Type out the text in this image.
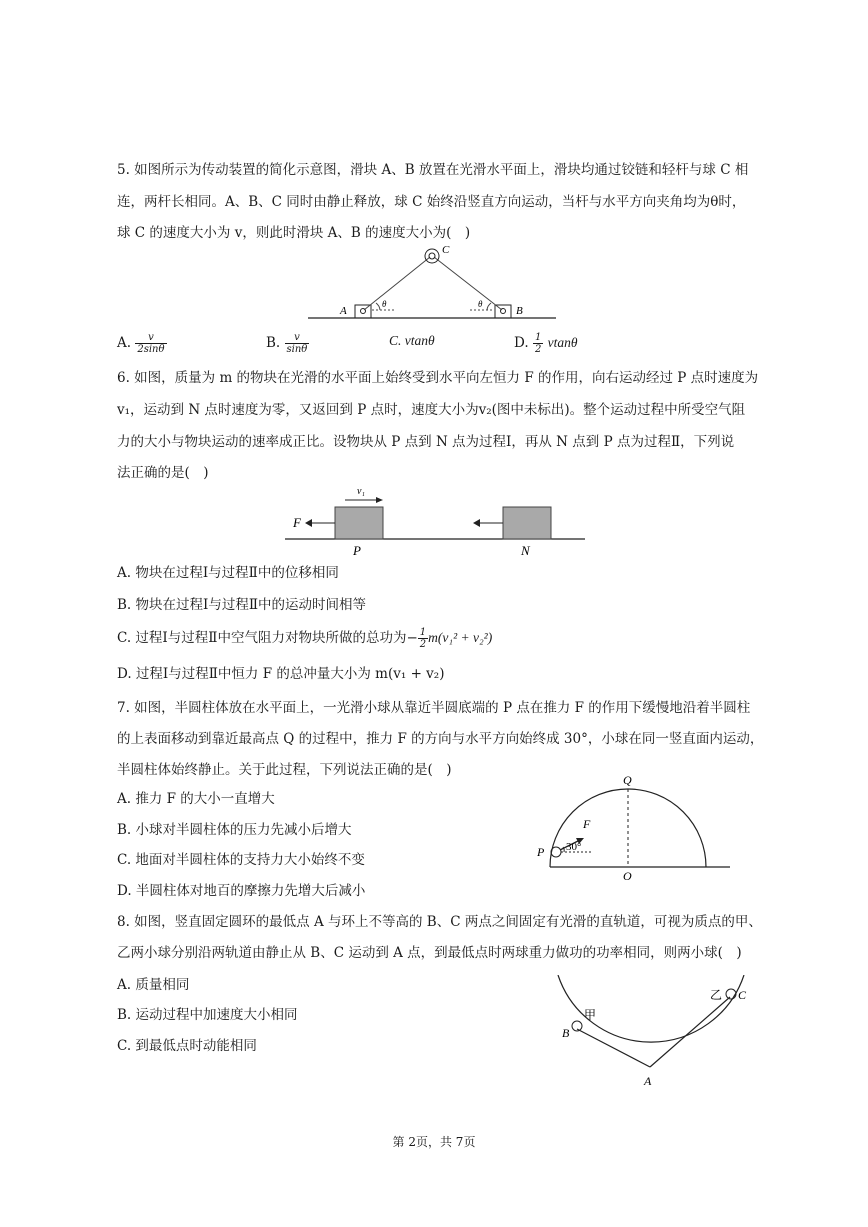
5. 如图所示为传动装置的简化示意图，滑块 A、B 放置在光滑水平面上，滑块均通过铰链和轻杆与球 C 相
连，两杆长相同。A、B、C 同时由静止释放，球 C 始终沿竖直方向运动，当杆与水平方向夹角均为θ时，
球 C 的速度大小为 v，则此时滑块 A、B 的速度大小为(　)
A	B
C
θ	θ
A. $\frac{v}{2\sin\theta}$	B. $\frac{v}{\sin\theta}$	C. vtanθ	D. $\frac{1}{2}$ vtanθ
6. 如图，质量为 m 的物块在光滑的水平面上始终受到水平向左恒力 F 的作用，向右运动经过 P 点时速度为
v₁，运动到 N 点时速度为零，又返回到 P 点时，速度大小为v₂(图中未标出)。整个运动过程中所受空气阻
力的大小与物块运动的速率成正比。设物块从 P 点到 N 点为过程Ⅰ，再从 N 点到 P 点为过程Ⅱ，下列说
法正确的是(　)
F
v₁
P	N
A. 物块在过程Ⅰ与过程Ⅱ中的位移相同
B. 物块在过程Ⅰ与过程Ⅱ中的运动时间相等
C. 过程Ⅰ与过程Ⅱ中空气阻力对物块所做的总功为− $\frac{1}{2} m(v_1^2 + v_2^2)$
D. 过程Ⅰ与过程Ⅱ中恒力 F 的总冲量大小为 m(v₁ + v₂)
7. 如图，半圆柱体放在水平面上，一光滑小球从靠近半圆底端的 P 点在推力 F 的作用下缓慢地沿着半圆柱
的上表面移动到靠近最高点 Q 的过程中，推力 F 的方向与水平方向始终成 30°，小球在同一竖直面内运动，
半圆柱体始终静止。关于此过程，下列说法正确的是(　)
A. 推力 F 的大小一直增大
B. 小球对半圆柱体的压力先减小后增大
C. 地面对半圆柱体的支持力大小始终不变
D. 半圆柱体对地百的摩擦力先增大后减小
Q
F
P 30°
O
8. 如图，竖直固定圆环的最低点 A 与环上不等高的 B、C 两点之间固定有光滑的直轨道，可视为质点的甲、
乙两小球分别沿两轨道由静止从 B、C 运动到 A 点，到最低点时两球重力做功的功率相同，则两小球(　)
A. 质量相同
B. 运动过程中加速度大小相同
C. 到最低点时动能相同
甲
乙
B
C
A
第 2页，共 7页
